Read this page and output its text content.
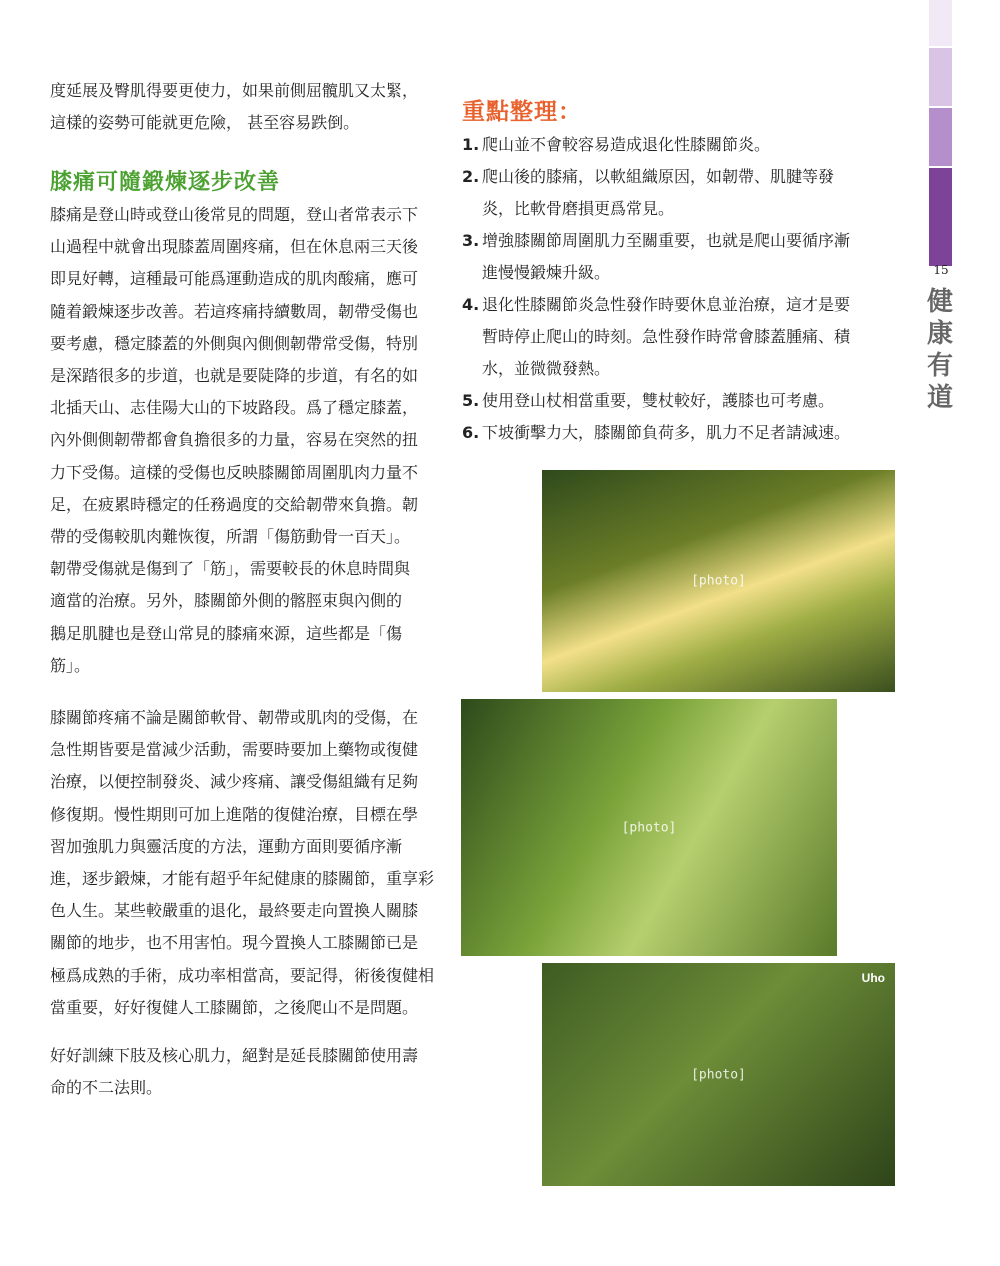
15
健
康
有
道
度延展及臀肌得要更使力，如果前側屈髖肌又太緊，
這樣的姿勢可能就更危險， 甚至容易跌倒。
膝痛可隨鍛煉逐步改善
膝痛是登山時或登山後常見的問題，登山者常表示下
山過程中就會出現膝蓋周圍疼痛，但在休息兩三天後
即見好轉，這種最可能爲運動造成的肌肉酸痛，應可
隨着鍛煉逐步改善。若這疼痛持續數周，韌帶受傷也
要考慮，穩定膝蓋的外側與內側側韌帶常受傷，特別
是深踏很多的步道，也就是要陡降的步道，有名的如
北插天山、志佳陽大山的下坡路段。爲了穩定膝蓋，
內外側側韌帶都會負擔很多的力量，容易在突然的扭
力下受傷。這樣的受傷也反映膝關節周圍肌肉力量不
足，在疲累時穩定的任務過度的交給韌帶來負擔。韌
帶的受傷較肌肉難恢復，所謂「傷筋動骨一百天」。
韌帶受傷就是傷到了「筋」，需要較長的休息時間與
適當的治療。另外，膝關節外側的髂脛束與內側的
鵝足肌腱也是登山常見的膝痛來源，這些都是「傷
筋」。
膝關節疼痛不論是關節軟骨、韌帶或肌肉的受傷，在
急性期皆要是當減少活動，需要時要加上藥物或復健
治療，以便控制發炎、減少疼痛、讓受傷組織有足夠
修復期。慢性期則可加上進階的復健治療，目標在學
習加強肌力與靈活度的方法，運動方面則要循序漸
進，逐步鍛煉，才能有超乎年紀健康的膝關節，重享彩
色人生。某些較嚴重的退化，最終要走向置換人關膝
關節的地步，也不用害怕。現今置換人工膝關節已是
極爲成熟的手術，成功率相當高，要記得，術後復健相
當重要，好好復健人工膝關節，之後爬山不是問題。
好好訓練下肢及核心肌力，絕對是延長膝關節使用壽
命的不二法則。
重點整理：
1. 爬山並不會較容易造成退化性膝關節炎。
2. 爬山後的膝痛，以軟組織原因，如韌帶、肌腱等發
炎，比軟骨磨損更爲常見。
3. 增強膝關節周圍肌力至關重要，也就是爬山要循序漸
進慢慢鍛煉升級。
4. 退化性膝關節炎急性發作時要休息並治療，這才是要
暫時停止爬山的時刻。急性發作時常會膝蓋腫痛、積
水，並微微發熱。
5. 使用登山杖相當重要，雙杖較好，護膝也可考慮。
6. 下坡衝擊力大，膝關節負荷多，肌力不足者請減速。
[photo]
[photo]
Uho
[photo]
